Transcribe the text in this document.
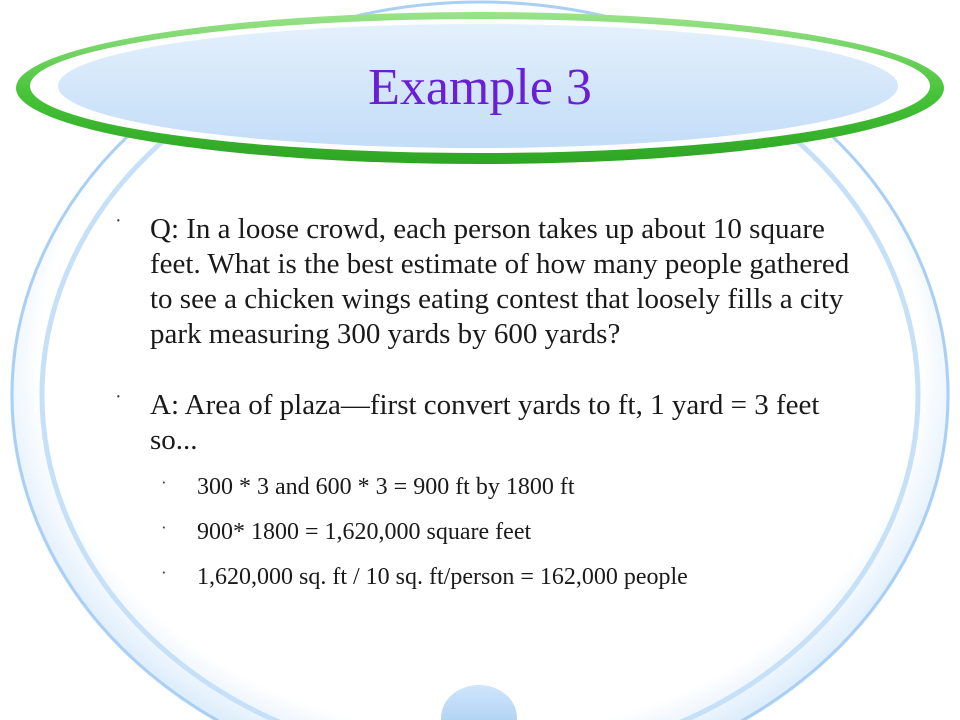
Example 3
· Q: In a loose crowd, each person takes up about 10 square feet. What is the best estimate of how many people gathered to see a chicken wings eating contest that loosely fills a city park measuring 300 yards by 600 yards?
· A: Area of plaza—first convert yards to ft, 1 yard = 3 feet so...
· 300 * 3 and 600 * 3 = 900 ft by 1800 ft
· 900* 1800 = 1,620,000 square feet
· 1,620,000 sq. ft / 10 sq. ft/person = 162,000 people
